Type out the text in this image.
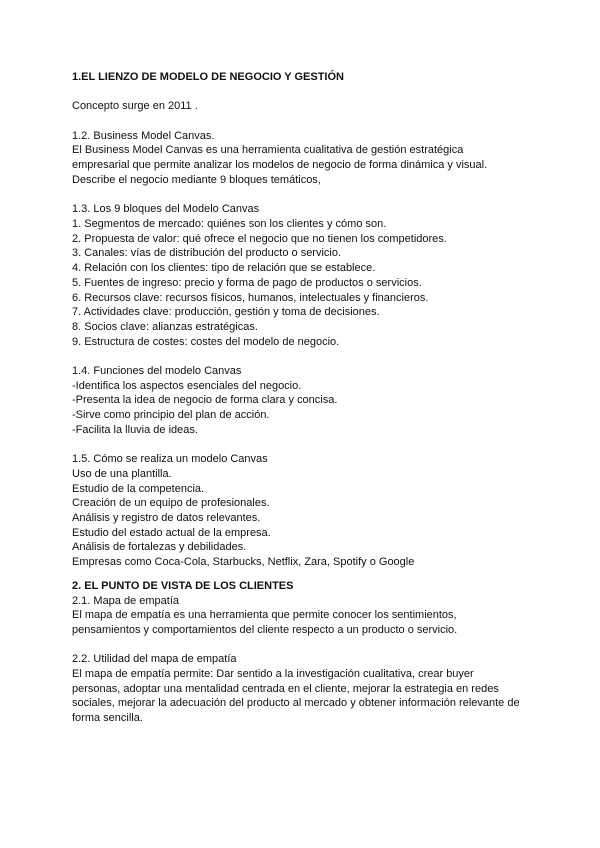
1.EL LIENZO DE MODELO DE NEGOCIO Y GESTIÓN
Concepto surge en 2011 .
1.2. Business Model Canvas.
El Business Model Canvas es una herramienta cualitativa de gestión estratégica
empresarial que permite analizar los modelos de negocio de forma dinámica y visual.
Describe el negocio mediante 9 bloques temáticos,
1.3. Los 9 bloques del Modelo Canvas
1. Segmentos de mercado: quiénes son los clientes y cómo son.
2. Propuesta de valor: qué ofrece el negocio que no tienen los competidores.
3. Canales: vías de distribución del producto o servicio.
4. Relación con los clientes: tipo de relación que se establece.
5. Fuentes de ingreso: precio y forma de pago de productos o servicios.
6. Recursos clave: recursos físicos, humanos, intelectuales y financieros.
7. Actividades clave: producción, gestión y toma de decisiones.
8. Socios clave: alianzas estratégicas.
9. Estructura de costes: costes del modelo de negocio.
1.4. Funciones del modelo Canvas
-Identifica los aspectos esenciales del negocio.
-Presenta la idea de negocio de forma clara y concisa.
-Sirve como principio del plan de acción.
-Facilita la lluvia de ideas.
1.5. Cómo se realiza un modelo Canvas
Uso de una plantilla.
Estudio de la competencia.
Creación de un equipo de profesionales.
Análisis y registro de datos relevantes.
Estudio del estado actual de la empresa.
Análisis de fortalezas y debilidades.
Empresas como Coca-Cola, Starbucks, Netflix, Zara, Spotify o Google
2. EL PUNTO DE VISTA DE LOS CLIENTES
2.1. Mapa de empatía
El mapa de empatía es una herramienta que permite conocer los sentimientos,
pensamientos y comportamientos del cliente respecto a un producto o servicio.
2.2. Utilidad del mapa de empatía
El mapa de empatía permite: Dar sentido a la investigación cualitativa, crear buyer
personas, adoptar una mentalidad centrada en el cliente, mejorar la estrategia en redes
sociales, mejorar la adecuación del producto al mercado y obtener información relevante de
forma sencilla.
